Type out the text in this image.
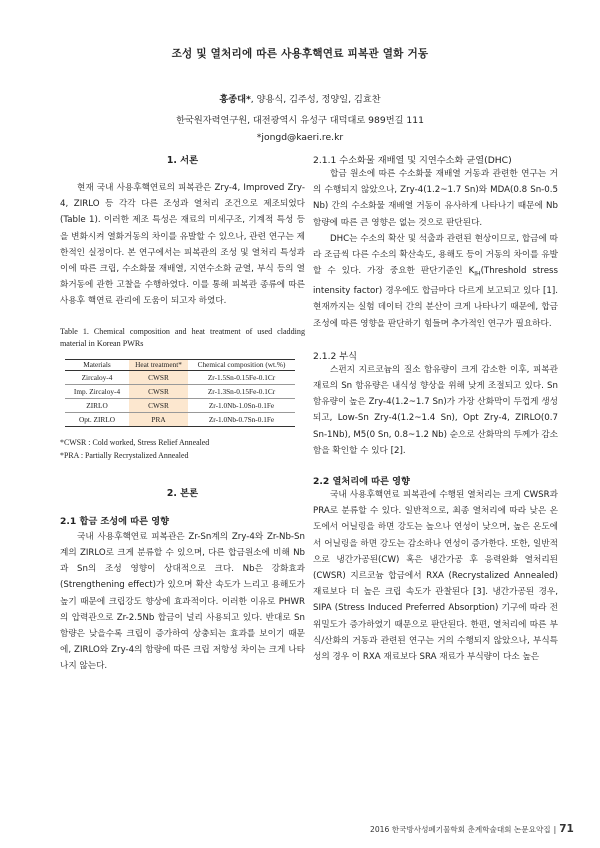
조성 및 열처리에 따른 사용후핵연료 피복관 열화 거동
홍종대*, 양용식, 김주성, 정양일, 김효찬
한국원자력연구원, 대전광역시 유성구 대덕대로 989번길 111
*jongd@kaeri.re.kr
1. 서론

현재 국내 사용후핵연료의 피복관은 Zry-4, Improved Zry-4, ZIRLO 등 각각 다른 조성과 열처리 조건으로 제조되었다 (Table 1). 이러한 제조 특성은 재료의 미세구조, 기계적 특성 등을 변화시켜 열화거동의 차이를 유발할 수 있으나, 관련 연구는 제한적인 실정이다. 본 연구에서는 피복관의 조성 및 열처리 특성과 이에 따른 크립, 수소화물 재배열, 지연수소화 균열, 부식 등의 열화거동에 관한 고찰을 수행하였다. 이를 통해 피복관 종류에 따른 사용후 핵연료 관리에 도움이 되고자 하였다.

Table 1. Chemical composition and heat treatment of used cladding material in Korean PWRs

Materials	Heat treatment*	Chemical composition (wt.%)
Zircaloy-4	CWSR	Zr-1.5Sn-0.15Fe-0.1Cr
Imp. Zircaloy-4	CWSR	Zr-1.3Sn-0.15Fe-0.1Cr
ZIRLO	CWSR	Zr-1.0Nb-1.0Sn-0.1Fe
Opt. ZIRLO	PRA	Zr-1.0Nb-0.7Sn-0.1Fe

*CWSR : Cold worked, Stress Relief Annealed

*PRA : Partially Recrystalized Annealed

2. 본론
2.1 합금 조성에 따른 영향

국내 사용후핵연료 피복관은 Zr-Sn계의 Zry-4와 Zr-Nb-Sn계의 ZIRLO로 크게 분류할 수 있으며, 다른 합금원소에 비해 Nb과 Sn의 조성 영향이 상대적으로 크다. Nb은 강화효과(Strengthening effect)가 있으며 확산 속도가 느리고 용해도가 높기 때문에 크립강도 향상에 효과적이다. 이러한 이유로 PHWR의 압력관으로 Zr-2.5Nb 합금이 널리 사용되고 있다. 반대로 Sn 함량은 낮을수록 크립이 증가하여 상충되는 효과를 보이기 때문에, ZIRLO와 Zry-4의 함량에 따른 크립 저항성 차이는 크게 나타나지 않는다.

2.1.1 수소화물 재배열 및 지연수소화 균열(DHC)

합금 원소에 따른 수소화물 재배열 거동과 관련한 연구는 거의 수행되지 않았으나, Zry-4(1.2~1.7 Sn)와 MDA(0.8 Sn-0.5 Nb) 간의 수소화물 재배열 거동이 유사하게 나타나기 때문에 Nb 함량에 따른 큰 영향은 없는 것으로 판단된다.

DHC는 수소의 확산 및 석출과 관련된 현상이므로, 합금에 따라 조금씩 다른 수소의 확산속도, 용해도 등이 거동의 차이를 유발할 수 있다. 가장 중요한 판단기준인 $K_{IH}(Threshold$ stress intensity factor) 경우에도 합금마다 다르게 보고되고 있다 [1]. 현재까지는 실험 데이터 간의 분산이 크게 나타나기 때문에, 합금 조성에 따른 영향을 판단하기 힘들며 추가적인 연구가 필요하다.

2.1.2 부식

스펀지 지르코늄의 질소 함유량이 크게 감소한 이후, 피복관 재료의 Sn 함유량은 내식성 향상을 위해 낮게 조절되고 있다. Sn 함유량이 높은 Zry-4(1.2~1.7 Sn)가 가장 산화막이 두껍게 생성되고, Low-Sn Zry-4(1.2~1.4 Sn), Opt Zry-4, ZIRLO(0.7 Sn-1Nb), M5(0 Sn, 0.8~1.2 Nb) 순으로 산화막의 두께가 감소함을 확인할 수 있다 [2].

2.2 열처리에 따른 영향

국내 사용후핵연료 피복관에 수행된 열처리는 크게 CWSR과 PRA로 분류할 수 있다. 일반적으로, 최종 열처리에 따라 낮은 온도에서 어닐링을 하면 강도는 높으나 연성이 낮으며, 높은 온도에서 어닐링을 하면 강도는 감소하나 연성이 증가한다. 또한, 일반적으로 냉간가공된(CW) 혹은 냉간가공 후 응력완화 열처리된(CWSR) 지르코늄 합금에서 RXA (Recrystalized Annealed) 재료보다 더 높은 크립 속도가 관찰된다 [3]. 냉간가공된 경우, SIPA (Stress Induced Preferred Absorption) 기구에 따라 전위밀도가 증가하였기 때문으로 판단된다. 한편, 열처리에 따른 부식/산화의 거동과 관련된 연구는 거의 수행되지 않았으나, 부식특성의 경우 이 RXA 재료보다 SRA 재료가 부식량이 다소 높은

2016 한국방사성폐기물학회 춘계학술대회 논문요약집 | 71
